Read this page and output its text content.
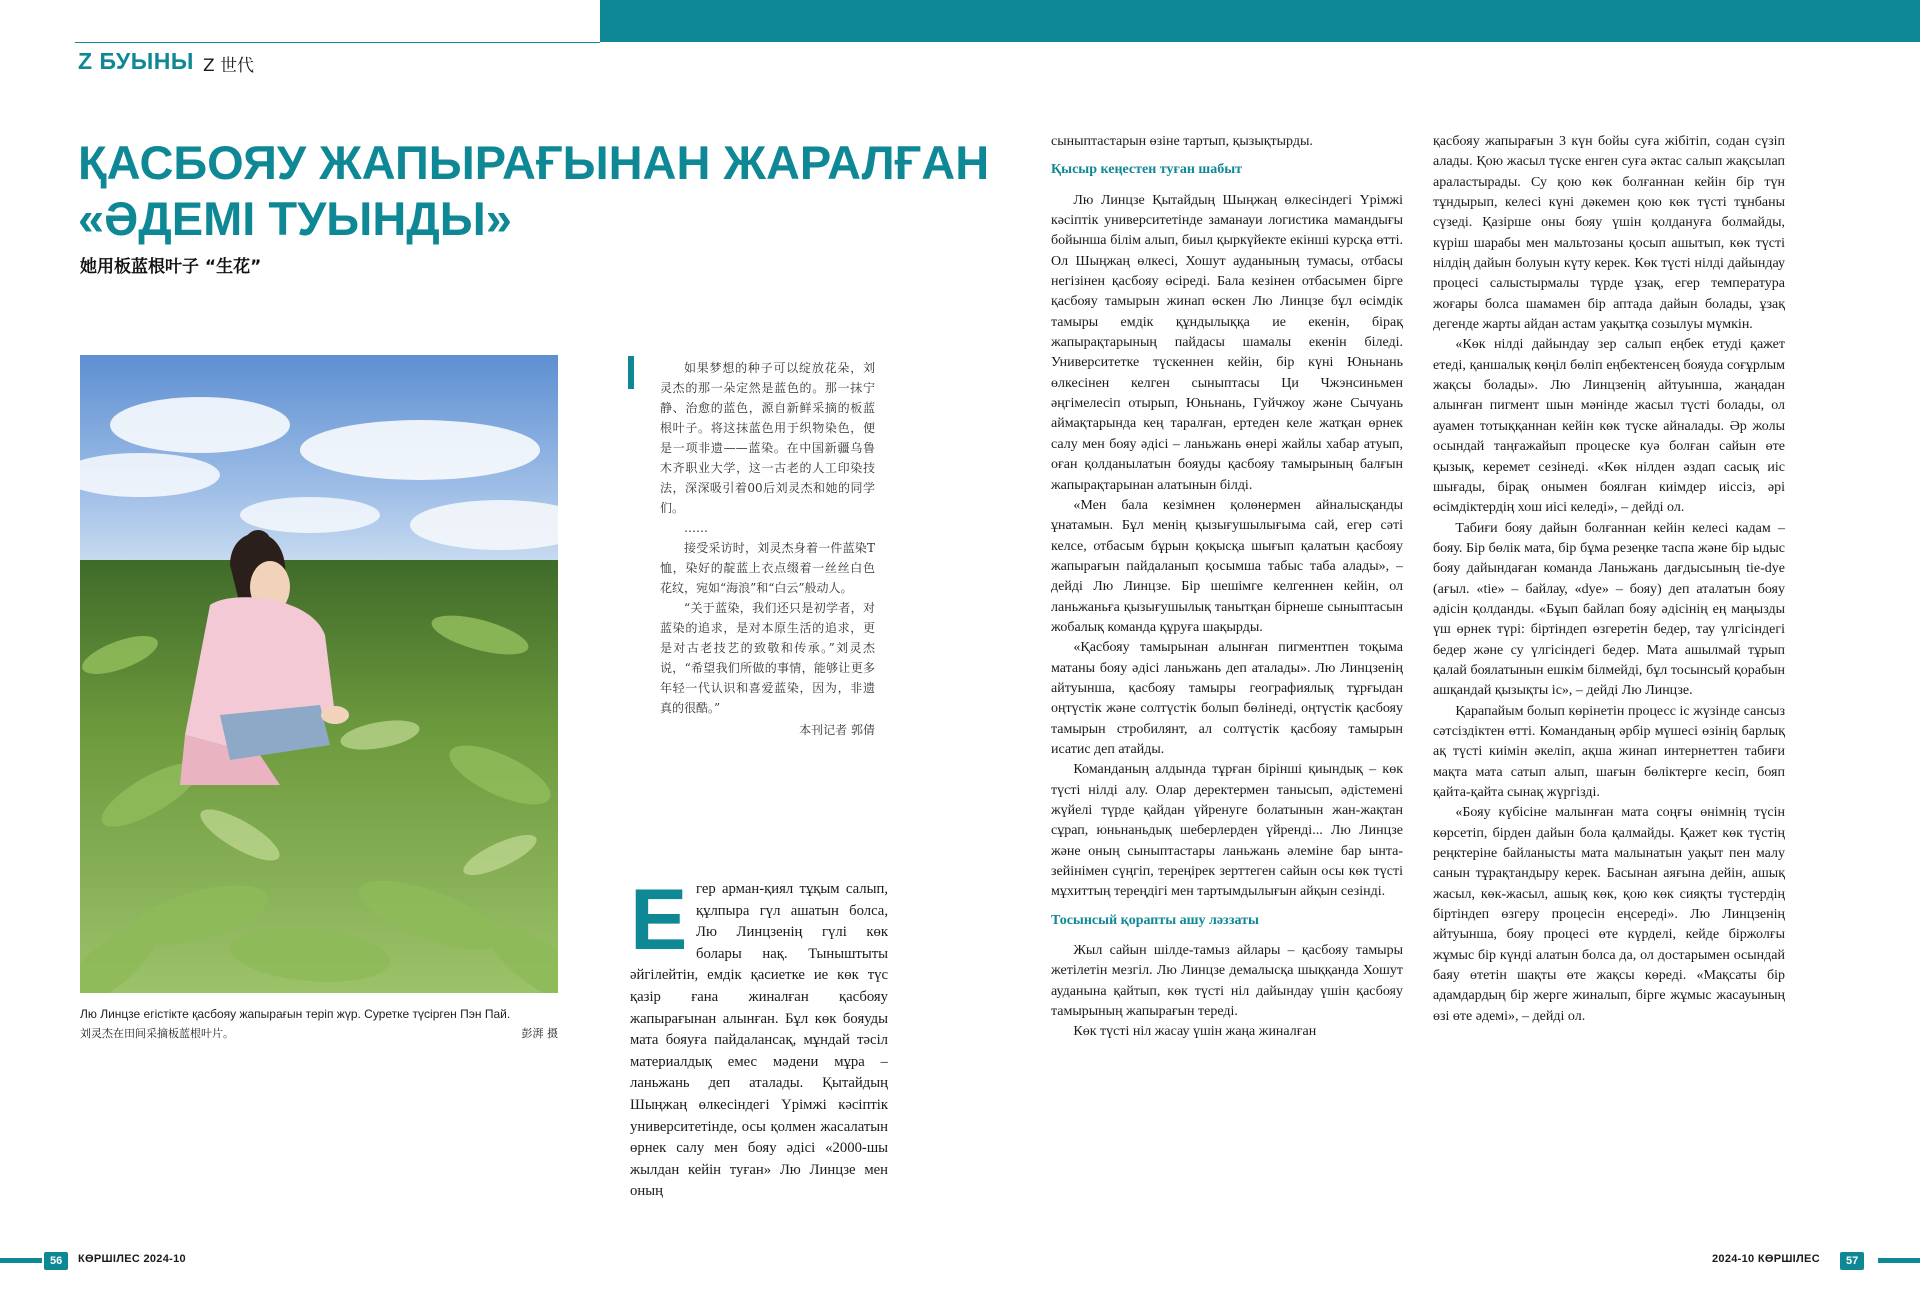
Z БУЫНЫ Z 世代
ҚАСБОЯУ ЖАПЫРАҒЫНАН ЖАРАЛҒАН
«ӘДЕМІ ТУЫНДЫ»
她用板蓝根叶子 “生花”
Лю Линцзе егістікте қасбояу жапырағын теріп жүр. Суретке түсірген Пэн Пай.
刘灵杰在田间采摘板蓝根叶片。	彭湃 摄

如果梦想的种子可以绽放花朵，刘灵杰的那一朵定然是蓝色的。那一抹宁静、治愈的蓝色，源自新鲜采摘的板蓝根叶子。将这抹蓝色用于织物染色，便是一项非遗——蓝染。在中国新疆乌鲁木齐职业大学，这一古老的人工印染技法，深深吸引着00后刘灵杰和她的同学们。

……

接受采访时，刘灵杰身着一件蓝染T恤，染好的靛蓝上衣点缀着一丝丝白色花纹，宛如“海浪”和“白云”般动人。

“关于蓝染，我们还只是初学者，对蓝染的追求，是对本原生活的追求，更是对古老技艺的致敬和传承。”刘灵杰说，“希望我们所做的事情，能够让更多年轻一代认识和喜爱蓝染，因为，非遗真的很酷。”

本刊记者 郭倩

гер арман-қиял тұқым салып, құлпыра гүл ашатын болса, Лю Линцзенің гүлі көк болары нақ. Тыныштыты әйгілейтін, емдік қасиетке ие көк түс қазір ғана жиналған қасбояу жапырағынан алынған. Бұл көк бояуды мата бояуға пайдалансақ, мұндай тәсіл материалдық емес мәдени мұра – ланьжань деп аталады. Қытайдың Шыңжаң өлкесіндегі Үрімжі кәсіптік университетінде, осы қолмен жасалатын өрнек салу мен бояу әдісі «2000-шы жылдан кейін туған» Лю Линцзе мен оның

Е

сыныптастарын өзіне тартып, қызықтырды.

Қысыр кеңестен туған шабыт

Лю Линцзе Қытайдың Шыңжаң өлкесіндегі Үрімжі кәсіптік университетінде заманауи логистика мамандығы бойынша білім алып, биыл қыркүйекте екінші курсқа өтті. Ол Шыңжаң өлкесі, Хошут ауданының тумасы, отбасы негізінен қасбояу өсіреді. Бала кезінен отбасымен бірге қасбояу тамырын жинап өскен Лю Линцзе бұл өсімдік тамыры емдік құндылыққа ие екенін, бірақ жапырақтарының пайдасы шамалы екенін біледі. Университетке түскеннен кейін, бір күні Юньнань өлкесінен келген сыныптасы Ци Чжэнсиньмен әңгімелесіп отырып, Юньнань, Гуйчжоу және Сычуань аймақтарында кең таралған, ертеден келе жатқан өрнек салу мен бояу әдісі – ланьжань өнері жайлы хабар атуып, оған қолданылатын бояуды қасбояу тамырының балғын жапырақтарынан алатынын білді.

«Мен бала кезімнен қолөнермен айналысқанды ұнатамын. Бұл менің қызығушылығыма сай, егер сәті келсе, отбасым бұрын қоқысқа шығып қалатын қасбояу жапырағын пайдаланып қосымша табыс таба алады», – дейді Лю Линцзе. Бір шешімге келгеннен кейін, ол ланьжаньға қызығушылық танытқан бірнеше сыныптасын жобалық команда құруға шақырды.

«Қасбояу тамырынан алынған пигментпен тоқыма матаны бояу әдісі ланьжань деп аталады». Лю Линцзенің айтуынша, қасбояу тамыры географиялық тұрғыдан оңтүстік және солтүстік болып бөлінеді, оңтүстік қасбояу тамырын стробилянт, ал солтүстік қасбояу тамырын исатис деп атайды.

Команданың алдында тұрған бірінші қиындық – көк түсті нілді алу. Олар деректермен танысып, әдістемені жүйелі түрде қайдан үйренуге болатынын жан-жақтан сұрап, юньнаньдық шеберлерден үйренді... Лю Линцзе және оның сыныптастары ланьжань әлеміне бар ынта-зейінімен сүңгіп, тереңірек зерттеген сайын осы көк түсті мұхиттың тереңдігі мен тартымдылығын айқын сезінді.

Тосынсый қорапты ашу ләззаты

Жыл сайын шілде-тамыз айлары – қасбояу тамыры жетілетін мезгіл. Лю Линцзе демалысқа шыққанда Хошут ауданына қайтып, көк түсті ніл дайындау үшін қасбояу тамырының жапырағын тереді.

Көк түсті ніл жасау үшін жаңа жиналған

қасбояу жапырағын 3 күн бойы суға жібітіп, содан сүзіп алады. Қою жасыл түске енген суға әктас салып жақсылап араластырады. Су қою көк болғаннан кейін бір түн тұндырып, келесі күні дәкемен қою көк түсті тұнбаны сүзеді. Қазірше оны бояу үшін қолдануға болмайды, күріш шарабы мен мальтозаны қосып ашытып, көк түсті нілдің дайын болуын күту керек. Көк түсті нілді дайындау процесі салыстырмалы түрде ұзақ, егер температура жоғары болса шамамен бір аптада дайын болады, ұзақ дегенде жарты айдан астам уақытқа созылуы мүмкін.

«Көк нілді дайындау зер салып еңбек етуді қажет етеді, қаншалық көңіл бөліп еңбектенсең бояуда соғұрлым жақсы болады». Лю Линцзенің айтуынша, жаңадан алынған пигмент шын мәнінде жасыл түсті болады, ол ауамен тотыққаннан кейін көк түске айналады. Әр жолы осындай таңғажайып процеске куә болған сайын өте қызық, керемет сезінеді. «Көк нілден әздап сасық иіс шығады, бірақ онымен боялған киімдер иіссіз, әрі өсімдіктердің хош иісі келеді», – дейді ол.

Табиғи бояу дайын болғаннан кейін келесі кадам – бояу. Бір бөлік мата, бір бұма резеңке таспа және бір ыдыс бояу дайындаған команда Ланьжань дағдысының tie-dye (ағыл. «tie» – байлау, «dye» – бояу) деп аталатын бояу әдісін қолданды. «Бұып байлап бояу әдісінің ең маңызды үш өрнек түрі: біртіндеп өзгеретін бедер, тау үлгісіндегі бедер және су үлгісіндегі бедер. Мата ашылмай тұрып қалай боялатынын ешкім білмейді, бұл тосынсый қорабын ашқандай қызықты іс», – дейді Лю Линцзе.

Қарапайым болып көрінетін процесс іс жүзінде сансыз сәтсіздіктен өтті. Команданың әрбір мүшесі өзінің барлық ақ түсті киімін әкеліп, ақша жинап интернеттен табиғи мақта мата сатып алып, шағын бөліктерге кесіп, бояп қайта-қайта сынақ жүргізді.

«Бояу күбісіне малынған мата соңғы өнімнің түсін көрсетіп, бірден дайын бола қалмайды. Қажет көк түстің реңктеріне байланысты мата малынатын уақыт пен малу санын тұрақтандыру керек. Басынан аяғына дейін, ашық жасыл, көк-жасыл, ашық көк, қою көк сияқты түстердің біртіндеп өзгеру процесін еңсереді». Лю Линцзенің айтуынша, бояу процесі өте күрделі, кейде біржолғы жұмыс бір күнді алатын болса да, ол достарымен осындай баяу өтетін шақты өте жақсы көреді. «Мақсаты бір адамдардың бір жерге жиналып, бірге жұмыс жасауының өзі өте әдемі», – дейді ол.

56	КӨРШІЛЕС 2024-10	2024-10 КӨРШІЛЕС	57
